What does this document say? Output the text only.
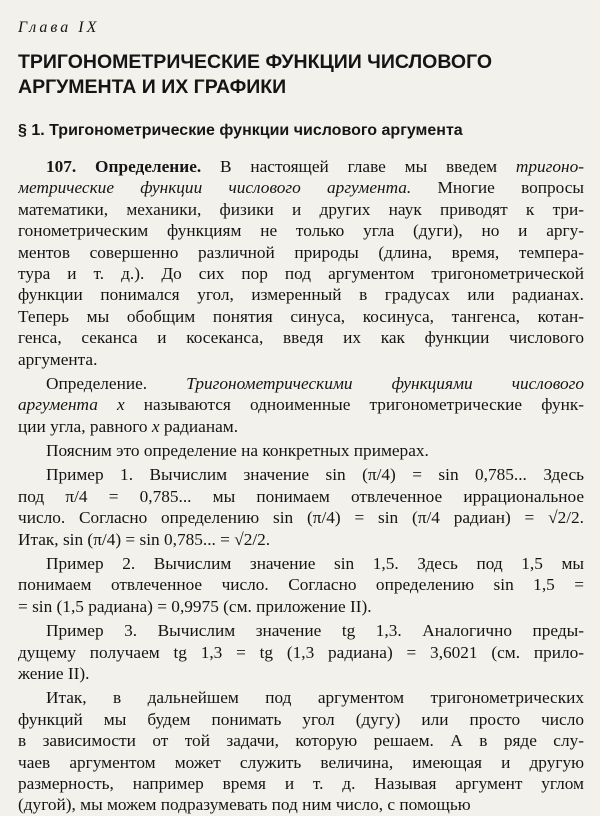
Глава IX
ТРИГОНОМЕТРИЧЕСКИЕ ФУНКЦИИ ЧИСЛОВОГО
АРГУМЕНТА И ИХ ГРАФИКИ
§ 1. Тригонометрические функции числового аргумента
107. Определение. В настоящей главе мы введем тригоно-
метрические функции числового аргумента. Многие вопросы
математики, механики, физики и других наук приводят к три-
гонометрическим функциям не только угла (дуги), но и аргу-
ментов совершенно различной природы (длина, время, темпера-
тура и т. д.). До сих пор под аргументом тригонометрической
функции понимался угол, измеренный в градусах или радианах.
Теперь мы обобщим понятия синуса, косинуса, тангенса, котан-
генса, секанса и косеканса, введя их как функции числового
аргумента.
Определение. Тригонометрическими функциями числового
аргумента x называются одноименные тригонометрические функ-
ции угла, равного x радианам.
Поясним это определение на конкретных примерах.
Пример 1. Вычислим значение sin (π/4) = sin 0,785... Здесь
под π/4 = 0,785... мы понимаем отвлеченное иррациональное
число. Согласно определению sin (π/4) = sin (π/4 радиан) = √2/2.
Итак, sin (π/4) = sin 0,785... = √2/2.
Пример 2. Вычислим значение sin 1,5. Здесь под 1,5 мы
понимаем отвлеченное число. Согласно определению sin 1,5 =
= sin (1,5 радиана) = 0,9975 (см. приложение II).
Пример 3. Вычислим значение tg 1,3. Аналогично преды-
дущему получаем tg 1,3 = tg (1,3 радиана) = 3,6021 (см. прило-
жение II).
Итак, в дальнейшем под аргументом тригонометрических
функций мы будем понимать угол (дугу) или просто число
в зависимости от той задачи, которую решаем. А в ряде слу-
чаев аргументом может служить величина, имеющая и другую
размерность, например время и т. д. Называя аргумент углом
(дугой), мы можем подразумевать под ним число, с помощью
